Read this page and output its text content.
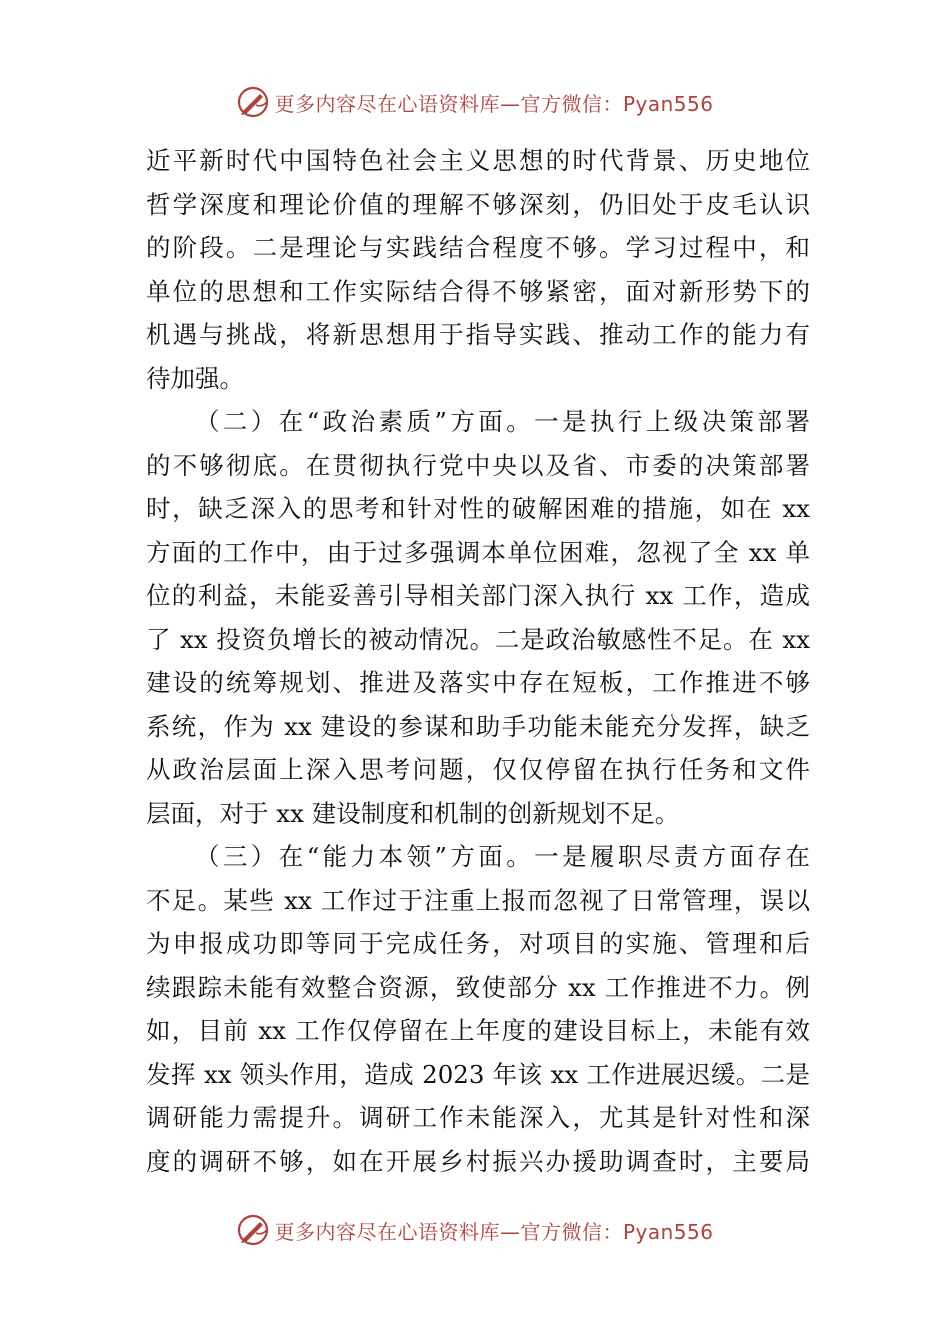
更多内容尽在心语资料库—官方微信：Pyan556
近平新时代中国特色社会主义思想的时代背景、历史地位
哲学深度和理论价值的理解不够深刻，仍旧处于皮毛认识
的阶段。二是理论与实践结合程度不够。学习过程中，和
单位的思想和工作实际结合得不够紧密，面对新形势下的
机遇与挑战，将新思想用于指导实践、推动工作的能力有
待加强。
（二）在“政治素质”方面。一是执行上级决策部署
的不够彻底。在贯彻执行党中央以及省、市委的决策部署
时，缺乏深入的思考和针对性的破解困难的措施，如在 xx
方面的工作中，由于过多强调本单位困难，忽视了全 xx 单
位的利益，未能妥善引导相关部门深入执行 xx 工作，造成
了 xx 投资负增长的被动情况。二是政治敏感性不足。在 xx
建设的统筹规划、推进及落实中存在短板，工作推进不够
系统，作为 xx 建设的参谋和助手功能未能充分发挥，缺乏
从政治层面上深入思考问题，仅仅停留在执行任务和文件
层面，对于 xx 建设制度和机制的创新规划不足。
（三）在“能力本领”方面。一是履职尽责方面存在
不足。某些 xx 工作过于注重上报而忽视了日常管理，误以
为申报成功即等同于完成任务，对项目的实施、管理和后
续跟踪未能有效整合资源，致使部分 xx 工作推进不力。例
如，目前 xx 工作仅停留在上年度的建设目标上，未能有效
发挥 xx 领头作用，造成 2023 年该 xx 工作进展迟缓。二是
调研能力需提升。调研工作未能深入，尤其是针对性和深
度的调研不够，如在开展乡村振兴办援助调查时，主要局
更多内容尽在心语资料库—官方微信：Pyan556
